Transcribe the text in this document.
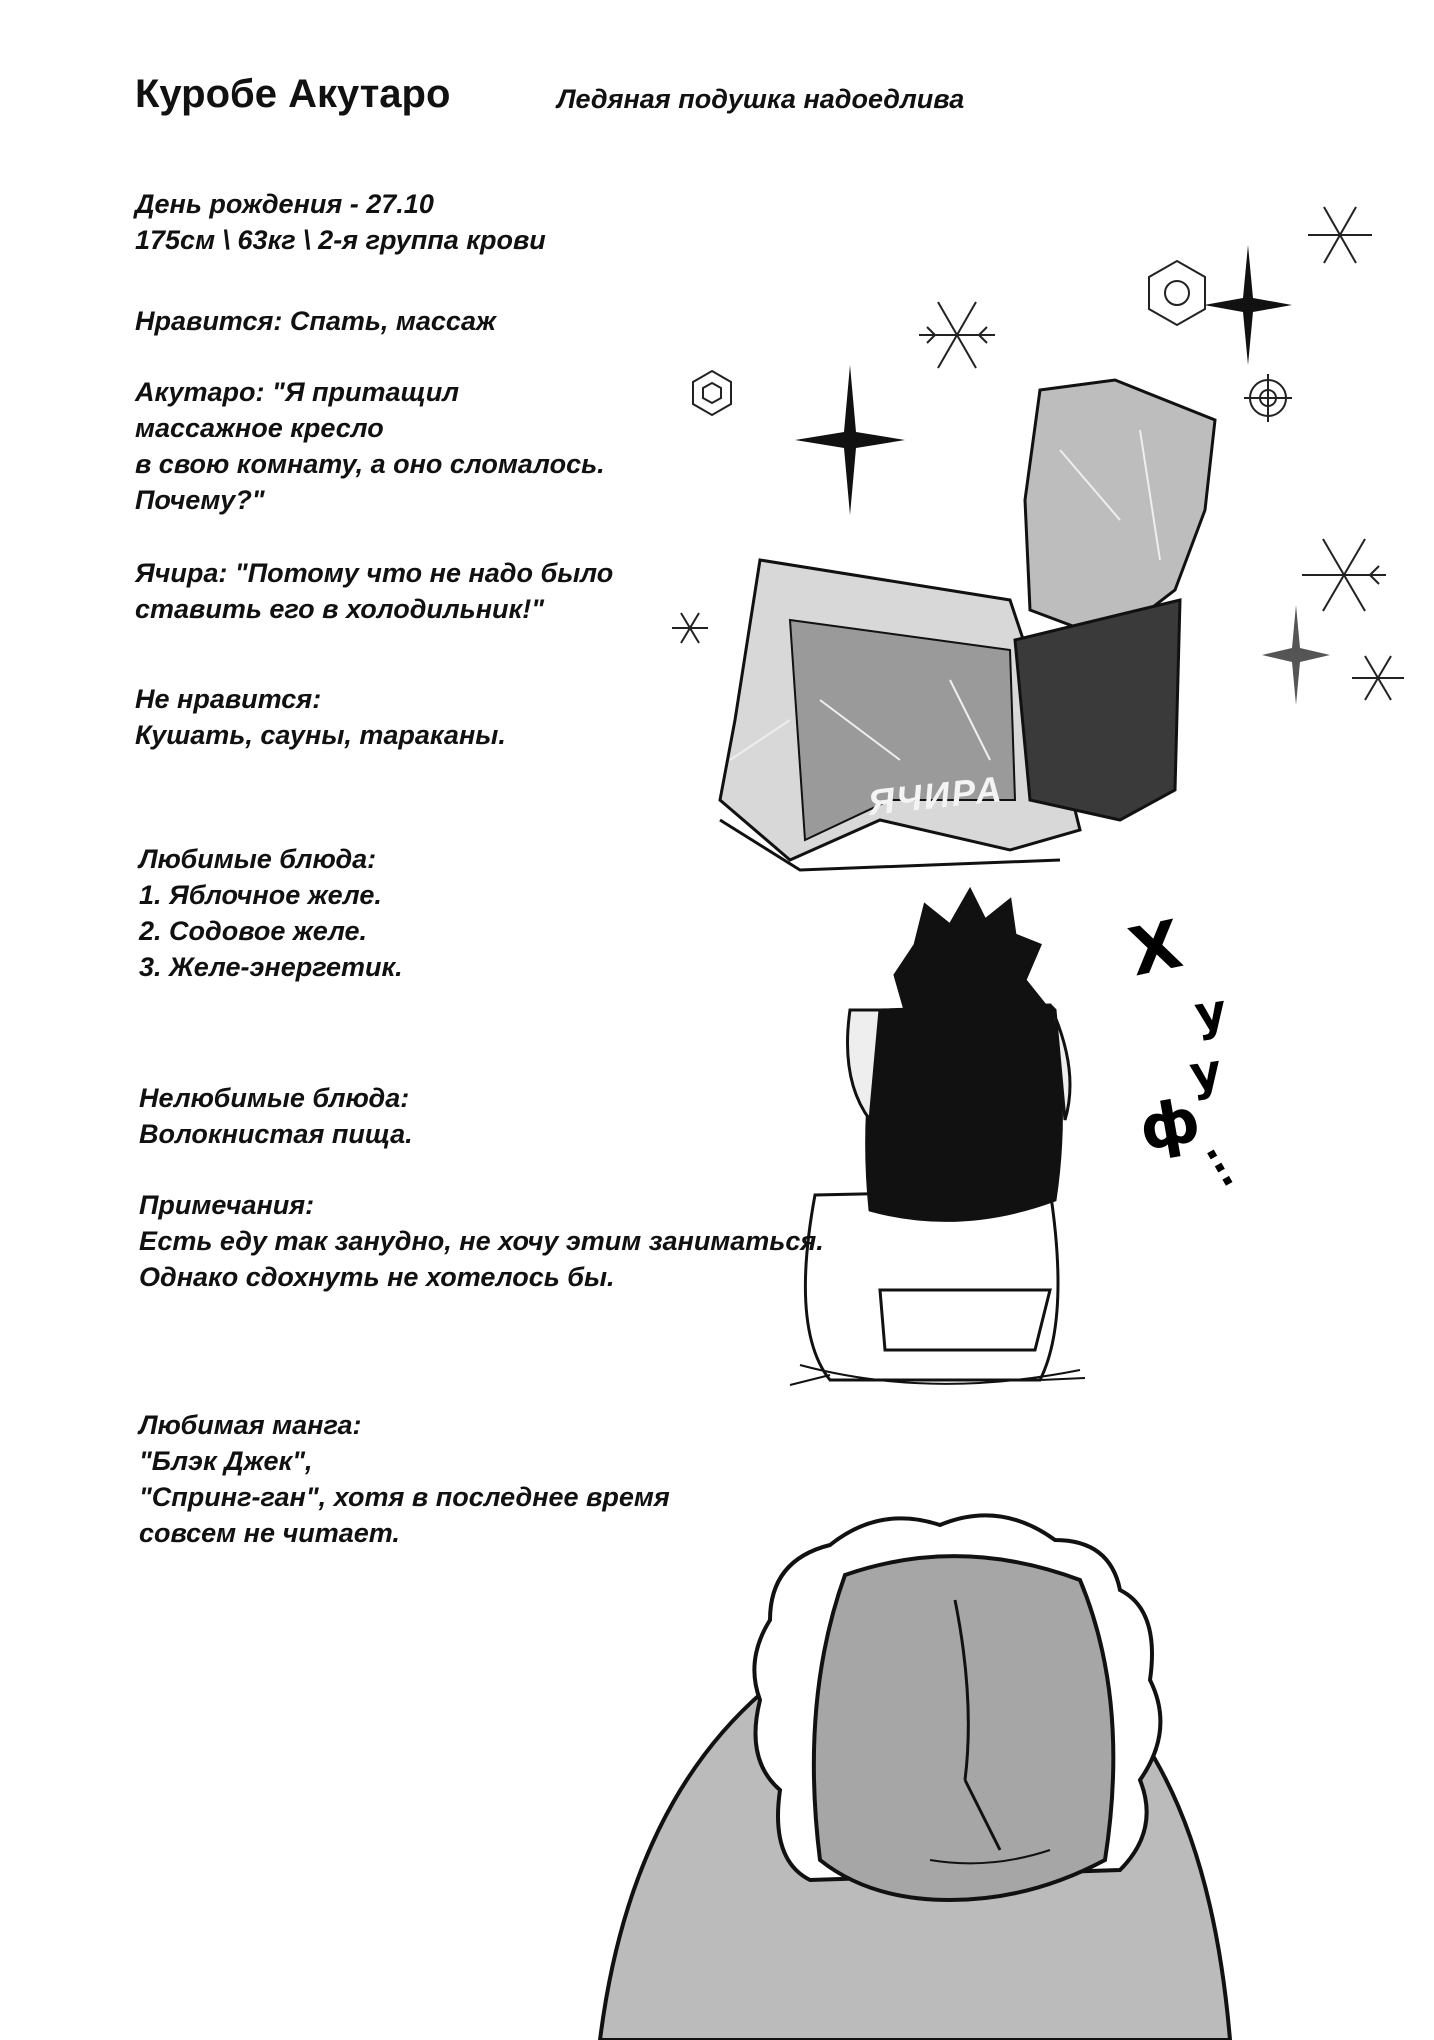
Куробе Акутаро	Ледяная подушка надоедлива
День рождения - 27.10
175см \ 63кг \ 2-я группа крови
Нравится: Спать, массаж
Акутаро: "Я притащил
массажное кресло
в свою комнату, а оно сломалось.
Почему?"
Ячира: "Потому что не надо было
ставить его в холодильник!"
Не нравится:
Кушать, сауны, тараканы.
Любимые блюда:
1. Яблочное желе.
2. Содовое желе.
3. Желе-энергетик.
Нелюбимые блюда:
Волокнистая пища.
Примечания:
Есть еду так занудно, не хочу этим заниматься.
Однако сдохнуть не хотелось бы.
Любимая манга:
"Блэк Джек",
"Спринг-ган", хотя в последнее время
совсем не читает.
Х
у
у
ф
...
ЯЧИРА
